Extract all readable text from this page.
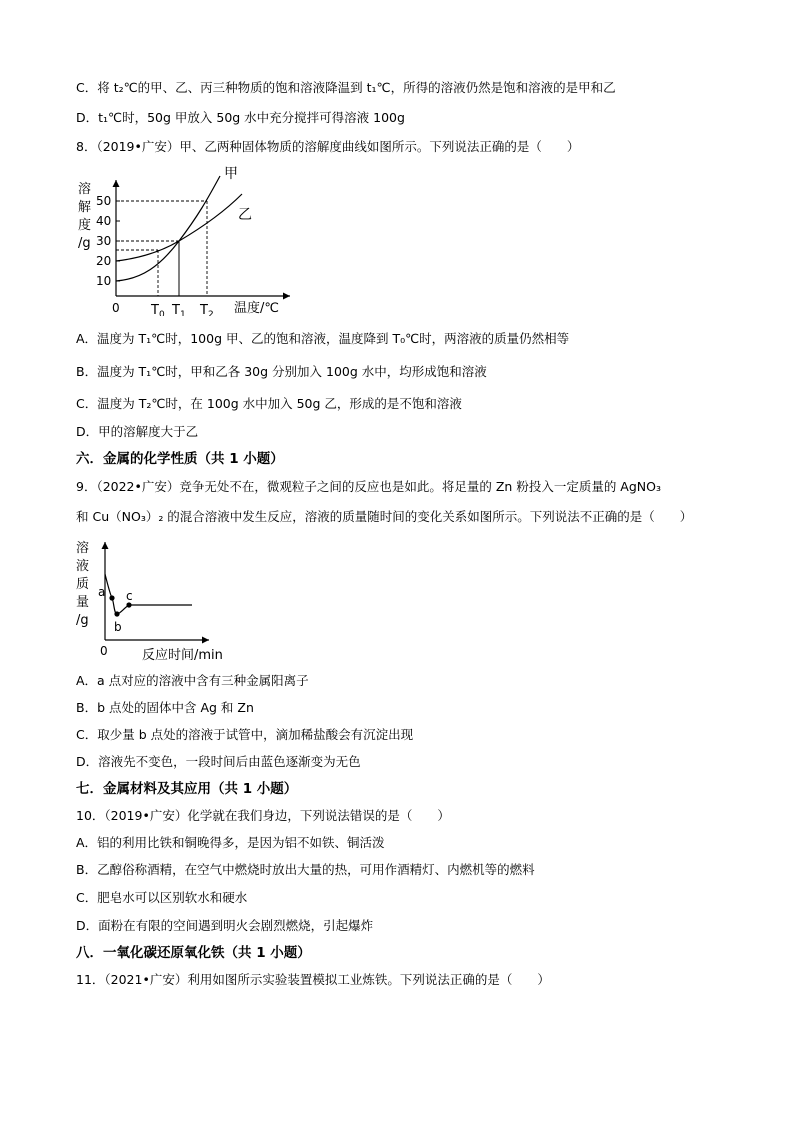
C．将 t₂℃的甲、乙、丙三种物质的饱和溶液降温到 t₁℃，所得的溶液仍然是饱和溶液的是甲和乙
D．t₁℃时，50g 甲放入 50g 水中充分搅拌可得溶液 100g
8．（2019•广安）甲、乙两种固体物质的溶解度曲线如图所示。下列说法正确的是（　　）
溶
解
度
/g
50
40
30
20
10
0
甲
乙
$T_0$ $T_1$ $T_2$ 温度/℃
A．温度为 T₁℃时，100g 甲、乙的饱和溶液，温度降到 T₀℃时，两溶液的质量仍然相等
B．温度为 T₁℃时，甲和乙各 30g 分别加入 100g 水中，均形成饱和溶液
C．温度为 T₂℃时，在 100g 水中加入 50g 乙，形成的是不饱和溶液
D．甲的溶解度大于乙
六．金属的化学性质（共 1 小题）
9．（2022•广安）竞争无处不在，微观粒子之间的反应也是如此。将足量的 Zn 粉投入一定质量的 AgNO₃
和 Cu（NO₃）₂ 的混合溶液中发生反应，溶液的质量随时间的变化关系如图所示。下列说法不正确的是（　　）
溶
液
质
量
/g
a
b
c
0	反应时间/min
A．a 点对应的溶液中含有三种金属阳离子
B．b 点处的固体中含 Ag 和 Zn
C．取少量 b 点处的溶液于试管中，滴加稀盐酸会有沉淀出现
D．溶液先不变色，一段时间后由蓝色逐渐变为无色
七．金属材料及其应用（共 1 小题）
10．（2019•广安）化学就在我们身边，下列说法错误的是（　　）
A．铝的利用比铁和铜晚得多，是因为铝不如铁、铜活泼
B．乙醇俗称酒精，在空气中燃烧时放出大量的热，可用作酒精灯、内燃机等的燃料
C．肥皂水可以区别软水和硬水
D．面粉在有限的空间遇到明火会剧烈燃烧，引起爆炸
八．一氧化碳还原氧化铁（共 1 小题）
11．（2021•广安）利用如图所示实验装置模拟工业炼铁。下列说法正确的是（　　）
